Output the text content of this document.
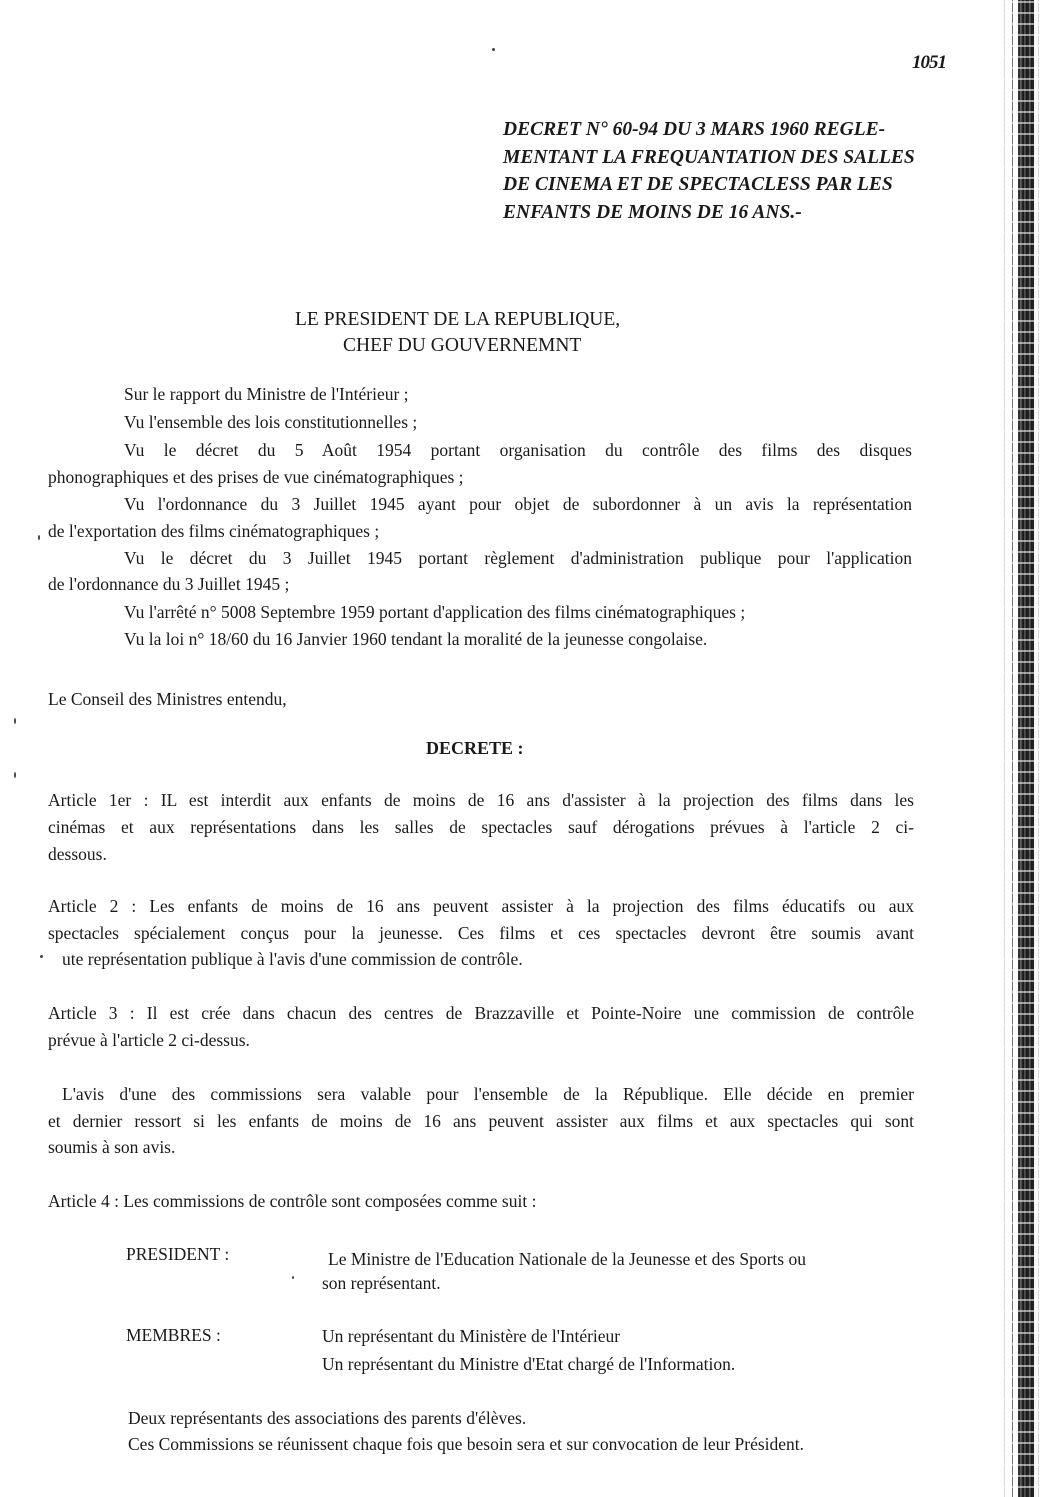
1051
DECRET N° 60-94 DU 3 MARS 1960 REGLE-
MENTANT LA FREQUANTATION DES SALLES
DE CINEMA ET DE SPECTACLESS PAR LES
ENFANTS DE MOINS DE 16 ANS.-
LE PRESIDENT DE LA REPUBLIQUE,
CHEF DU GOUVERNEMNT
Sur le rapport du Ministre de l'Intérieur ;
Vu l'ensemble des lois constitutionnelles ;
Vu le décret du 5 Août 1954 portant organisation du contrôle des films des disques
phonographiques et des prises de vue cinématographiques ;
Vu l'ordonnance du 3 Juillet 1945 ayant pour objet de subordonner à un avis la représentation
de l'exportation des films cinématographiques ;
Vu le décret du 3 Juillet 1945 portant règlement d'administration publique pour l'application
de l'ordonnance du 3 Juillet 1945 ;
Vu l'arrêté n° 5008 Septembre 1959 portant d'application des films cinématographiques ;
Vu la loi n° 18/60 du 16 Janvier 1960 tendant la moralité de la jeunesse congolaise.
Le Conseil des Ministres entendu,
DECRETE :
Article 1er : IL est interdit aux enfants de moins de 16 ans d'assister à la projection des films dans les
cinémas et aux représentations dans les salles de spectacles sauf dérogations prévues à l'article 2 ci-
dessous.
Article 2 : Les enfants de moins de 16 ans peuvent assister à la projection des films éducatifs ou aux
spectacles spécialement conçus pour la jeunesse. Ces films et ces spectacles devront être soumis avant
ute représentation publique à l'avis d'une commission de contrôle.
Article 3 : Il est crée dans chacun des centres de Brazzaville et Pointe-Noire une commission de contrôle
prévue à l'article 2 ci-dessus.
L'avis d'une des commissions sera valable pour l'ensemble de la République. Elle décide en premier
et dernier ressort si les enfants de moins de 16 ans peuvent assister aux films et aux spectacles qui sont
soumis à son avis.
Article 4 : Les commissions de contrôle sont composées comme suit :
PRESIDENT :	Le Ministre de l'Education Nationale de la Jeunesse et des Sports ou
son représentant.
MEMBRES :	Un représentant du Ministère de l'Intérieur
Un représentant du Ministre d'Etat chargé de l'Information.
Deux représentants des associations des parents d'élèves.
Ces Commissions se réunissent chaque fois que besoin sera et sur convocation de leur Président.
